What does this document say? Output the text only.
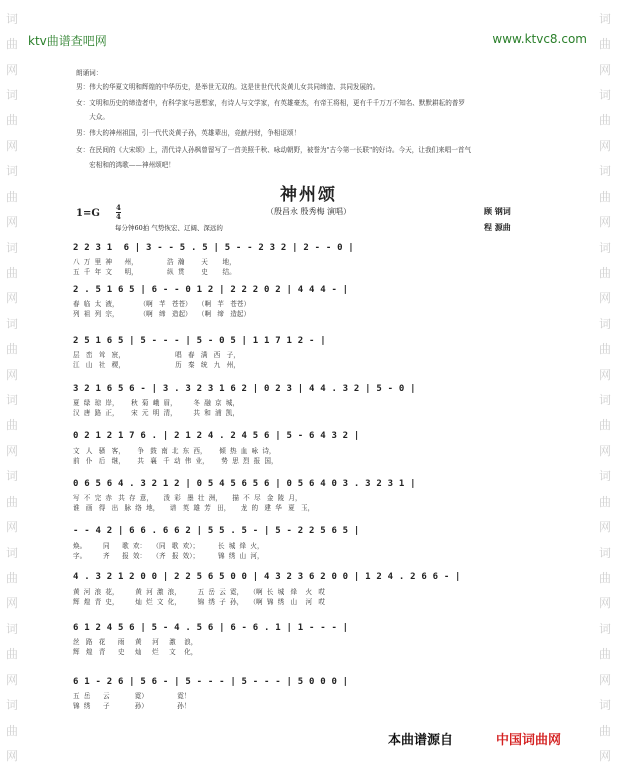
词
曲
网
词
曲
网
词
曲
网
词
曲
网
词
曲
网
词
曲
网
词
曲
网
词
曲
网
词
曲
网
词
曲
网
词
曲
网
词
曲
网
词
曲
网
词
曲
网
词
曲
网
词
曲
网
词
曲
网
词
曲
网
词
曲
网
词
曲
网
ktv曲谱查吧网	www.ktvc8.com
朗诵词：
男：伟大的华夏文明和辉煌的中华历史，是举世无双的。这是世世代代炎黄儿女共同缔造、共同发展的。
女：文明和历史的缔造者中，有科学家与思想家，有诗人与文学家，有英雄豪杰，有帝王将相，更有千千万万不知名、默默耕耘的普罗
　　大众。
男：伟大的神州祖国，引一代代炎黄子孙，英雄辈出，竞献丹财，争相讴颂！
女：在民间的《大宋颂》上，清代诗人孙枫曾留写了一首美照千秋、咏动朝野，被誉为"古今第一长联"的好诗。今天，让我们来唱一首气
　　宏相和的鸿歌——神州颂吧！
神州颂
（殷昌永 殷秀梅 演唱）	顾 钢词
程 源曲
$1=G \frac{4}{4}$
每分钟60拍 气势恢宏、辽阔、深远的
2 2 3 1  6 | 3 - - 5 . 5 | 5 - - 2 3 2 | 2 - - 0 |
八  万  里  神      州，              浩  瀚        天       地，
五  千  年  文      明，              纵  贯        史       结。
2 . 5 1 6 5 | 6 - - 0 1 2 | 2 2 2 0 2 | 4 4 4 - |
春  临  太  液，          （啊   芊   苍苍）   （啊   芊   苍苍）
列  祖  列  宗，          （啊   缔   造起）   （啊   缔   造起）
2 5 1 6 5 | 5 - - - | 5 - 0 5 | 1 1 7 1 2 - |
层   峦   耸   宸，                        唱   春   满   西   子，
江   山   社   稷，                        历   秦   统   九   州，
3 2 1 6 5 6 - | 3 . 3 2 3 1 6 2 | 0 2 3 | 4 4 . 3 2 | 5 - 0 |
夏  绿  琼  岸，      秋  菊  峨  眉，        冬  融  京  城，
汉  唐  路  正，      宋  元  明  清，        共  和  浦  凯，
0 2 1 2 1 7 6 . | 2 1 2 4 . 2 4 5 6 | 5 - 6 4 3 2 |
文   人   骚   客，      争   鼓  南  北  东  西，      倾  热  血  咏  诗，
前   仆   后   继，      共   襄   千  动  伟  业，      势  思  烈  报  国，
0 6 5 6 4 . 3 2 1 2 | 0 5 4 5 6 5 6 | 0 5 6 4 0 3 . 3 2 3 1 |
写  不  完  赤   共  存  意，     泼  彩   墨  壮  洲，     描  不  尽   金  陵  月，
谁   画   得   出   脉  络  地，     谱   英  雄  芳   田，     龙  的   建  华   夏   玉，
- - 4 2 | 6 6 . 6 6 2 | 5 5 . 5 - | 5 - 2 2 5 6 5 |
焕。        同      歌  欢：   （同   歌  欢）；         长  城  烽  火，
字。        齐      报  效：   （齐   报  效）；         锦  绣  山  河，
4 . 3 2 1 2 0 0 | 2 2 5 6 5 0 0 | 4 3 2 3 6 2 0 0 | 1 2 4 . 2 6 6 - |
黄  河  浪  花，        黄  河  激  浪，        五  岳  云  霓，   （啊  长  城   烽    火   哎
辉  煌  青  史，        灿  烂  文  化，        锦  绣  子  孙，   （啊  锦  绣   山    河   哎
6 1 2 4 5 6 | 5 - 4 . 5 6 | 6 - 6 . 1 | 1 - - - |
丝   路   花      雨     黄     河     激    浪，
辉   煌   青      史     灿     烂     文    化，
6 1 - 2 6 | 5 6 - | 5 - - - | 5 - - - | 5 0 0 0 |
五  岳      云            霓）              霓！
锦  绣      子            孙）              孙！
本曲谱源自	中国词曲网
